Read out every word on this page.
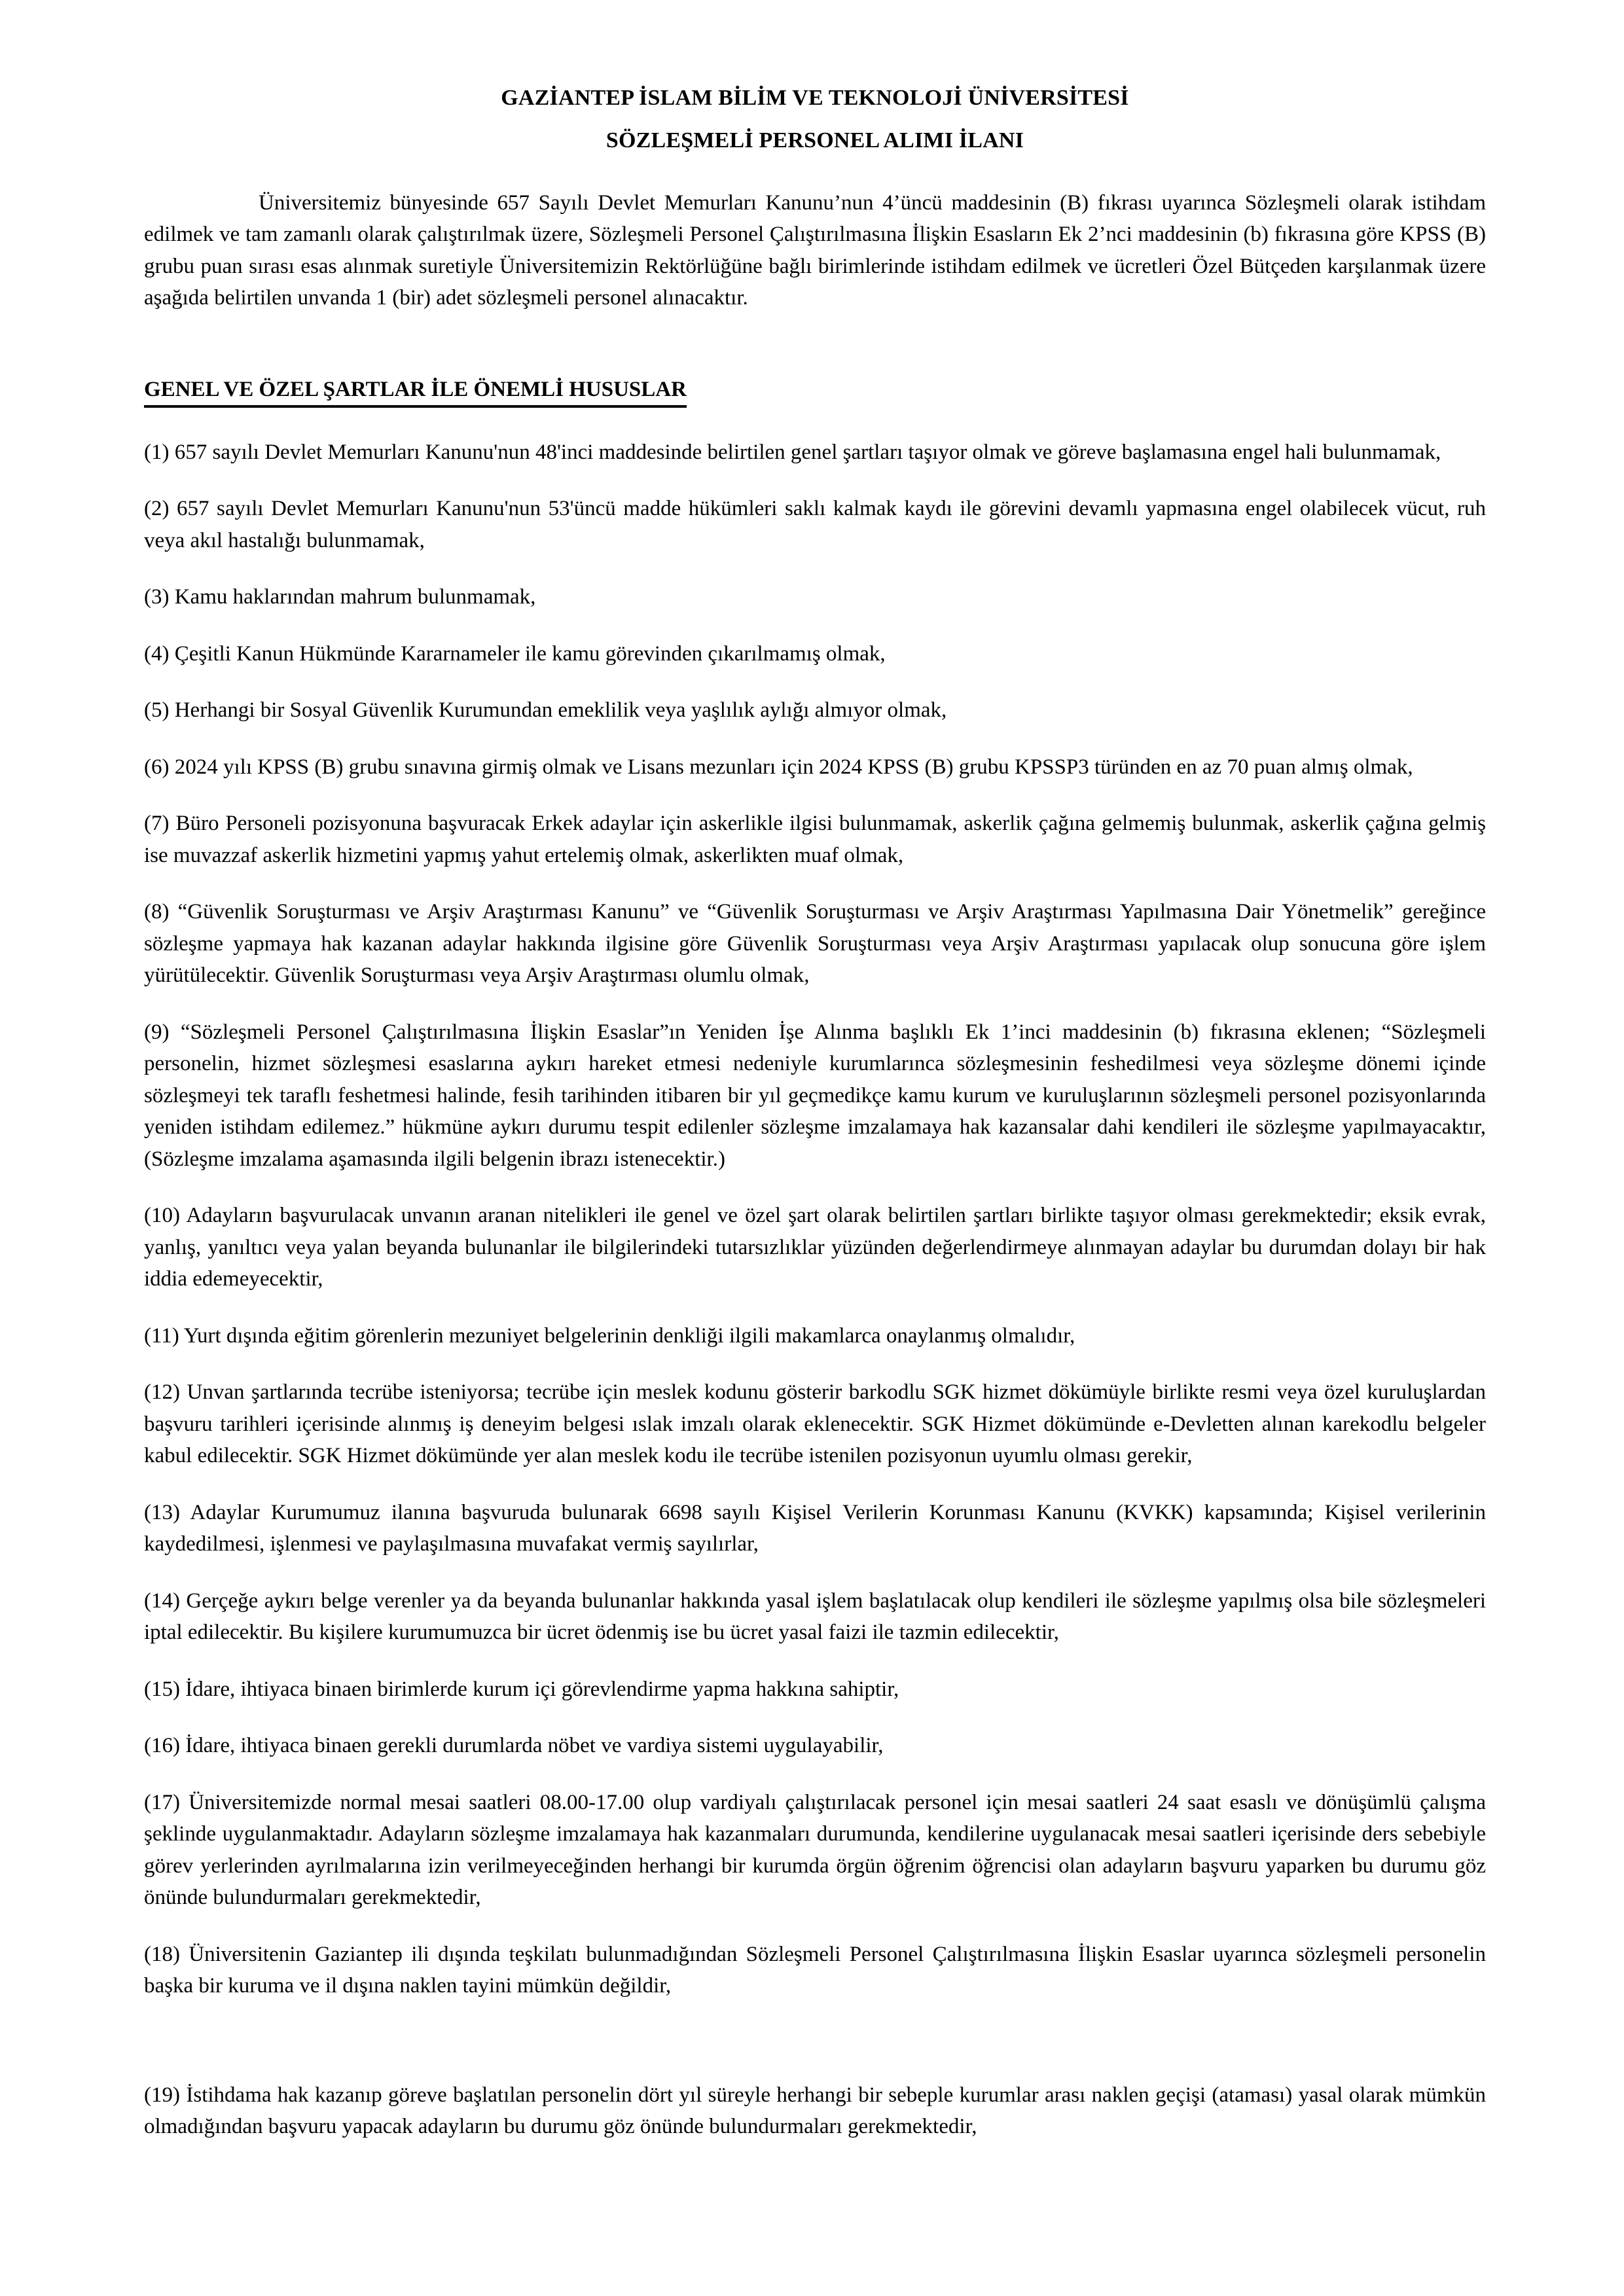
GAZİANTEP İSLAM BİLİM VE TEKNOLOJİ ÜNİVERSİTESİ
SÖZLEŞMELİ PERSONEL ALIMI İLANI

Üniversitemiz bünyesinde 657 Sayılı Devlet Memurları Kanunu’nun 4’üncü maddesinin (B) fıkrası uyarınca Sözleşmeli olarak istihdam edilmek ve tam zamanlı olarak çalıştırılmak üzere, Sözleşmeli Personel Çalıştırılmasına İlişkin Esasların Ek 2’nci maddesinin (b) fıkrasına göre KPSS (B) grubu puan sırası esas alınmak suretiyle Üniversitemizin Rektörlüğüne bağlı birimlerinde istihdam edilmek ve ücretleri Özel Bütçeden karşılanmak üzere aşağıda belirtilen unvanda 1 (bir) adet sözleşmeli personel alınacaktır.

GENEL VE ÖZEL ŞARTLAR İLE ÖNEMLİ HUSUSLAR

(1) 657 sayılı Devlet Memurları Kanunu'nun 48'inci maddesinde belirtilen genel şartları taşıyor olmak ve göreve başlamasına engel hali bulunmamak,

(2) 657 sayılı Devlet Memurları Kanunu'nun 53'üncü madde hükümleri saklı kalmak kaydı ile görevini devamlı yapmasına engel olabilecek vücut, ruh veya akıl hastalığı bulunmamak,

(3) Kamu haklarından mahrum bulunmamak,

(4) Çeşitli Kanun Hükmünde Kararnameler ile kamu görevinden çıkarılmamış olmak,

(5) Herhangi bir Sosyal Güvenlik Kurumundan emeklilik veya yaşlılık aylığı almıyor olmak,

(6) 2024 yılı KPSS (B) grubu sınavına girmiş olmak ve Lisans mezunları için 2024 KPSS (B) grubu KPSSP3 türünden en az 70 puan almış olmak,

(7) Büro Personeli pozisyonuna başvuracak Erkek adaylar için askerlikle ilgisi bulunmamak, askerlik çağına gelmemiş bulunmak, askerlik çağına gelmiş ise muvazzaf askerlik hizmetini yapmış yahut ertelemiş olmak, askerlikten muaf olmak,

(8) “Güvenlik Soruşturması ve Arşiv Araştırması Kanunu” ve “Güvenlik Soruşturması ve Arşiv Araştırması Yapılmasına Dair Yönetmelik” gereğince sözleşme yapmaya hak kazanan adaylar hakkında ilgisine göre Güvenlik Soruşturması veya Arşiv Araştırması yapılacak olup sonucuna göre işlem yürütülecektir. Güvenlik Soruşturması veya Arşiv Araştırması olumlu olmak,

(9) “Sözleşmeli Personel Çalıştırılmasına İlişkin Esaslar”ın Yeniden İşe Alınma başlıklı Ek 1’inci maddesinin (b) fıkrasına eklenen; “Sözleşmeli personelin, hizmet sözleşmesi esaslarına aykırı hareket etmesi nedeniyle kurumlarınca sözleşmesinin feshedilmesi veya sözleşme dönemi içinde sözleşmeyi tek taraflı feshetmesi halinde, fesih tarihinden itibaren bir yıl geçmedikçe kamu kurum ve kuruluşlarının sözleşmeli personel pozisyonlarında yeniden istihdam edilemez.” hükmüne aykırı durumu tespit edilenler sözleşme imzalamaya hak kazansalar dahi kendileri ile sözleşme yapılmayacaktır, (Sözleşme imzalama aşamasında ilgili belgenin ibrazı istenecektir.)

(10) Adayların başvurulacak unvanın aranan nitelikleri ile genel ve özel şart olarak belirtilen şartları birlikte taşıyor olması gerekmektedir; eksik evrak, yanlış, yanıltıcı veya yalan beyanda bulunanlar ile bilgilerindeki tutarsızlıklar yüzünden değerlendirmeye alınmayan adaylar bu durumdan dolayı bir hak iddia edemeyecektir,

(11) Yurt dışında eğitim görenlerin mezuniyet belgelerinin denkliği ilgili makamlarca onaylanmış olmalıdır,

(12) Unvan şartlarında tecrübe isteniyorsa; tecrübe için meslek kodunu gösterir barkodlu SGK hizmet dökümüyle birlikte resmi veya özel kuruluşlardan başvuru tarihleri içerisinde alınmış iş deneyim belgesi ıslak imzalı olarak eklenecektir. SGK Hizmet dökümünde e-Devletten alınan karekodlu belgeler kabul edilecektir. SGK Hizmet dökümünde yer alan meslek kodu ile tecrübe istenilen pozisyonun uyumlu olması gerekir,

(13) Adaylar Kurumumuz ilanına başvuruda bulunarak 6698 sayılı Kişisel Verilerin Korunması Kanunu (KVKK) kapsamında; Kişisel verilerinin kaydedilmesi, işlenmesi ve paylaşılmasına muvafakat vermiş sayılırlar,

(14) Gerçeğe aykırı belge verenler ya da beyanda bulunanlar hakkında yasal işlem başlatılacak olup kendileri ile sözleşme yapılmış olsa bile sözleşmeleri iptal edilecektir. Bu kişilere kurumumuzca bir ücret ödenmiş ise bu ücret yasal faizi ile tazmin edilecektir,

(15) İdare, ihtiyaca binaen birimlerde kurum içi görevlendirme yapma hakkına sahiptir,

(16) İdare, ihtiyaca binaen gerekli durumlarda nöbet ve vardiya sistemi uygulayabilir,

(17) Üniversitemizde normal mesai saatleri 08.00-17.00 olup vardiyalı çalıştırılacak personel için mesai saatleri 24 saat esaslı ve dönüşümlü çalışma şeklinde uygulanmaktadır. Adayların sözleşme imzalamaya hak kazanmaları durumunda, kendilerine uygulanacak mesai saatleri içerisinde ders sebebiyle görev yerlerinden ayrılmalarına izin verilmeyeceğinden herhangi bir kurumda örgün öğrenim öğrencisi olan adayların başvuru yaparken bu durumu göz önünde bulundurmaları gerekmektedir,

(18) Üniversitenin Gaziantep ili dışında teşkilatı bulunmadığından Sözleşmeli Personel Çalıştırılmasına İlişkin Esaslar uyarınca sözleşmeli personelin başka bir kuruma ve il dışına naklen tayini mümkün değildir,

(19) İstihdama hak kazanıp göreve başlatılan personelin dört yıl süreyle herhangi bir sebeple kurumlar arası naklen geçişi (ataması) yasal olarak mümkün olmadığından başvuru yapacak adayların bu durumu göz önünde bulundurmaları gerekmektedir,
